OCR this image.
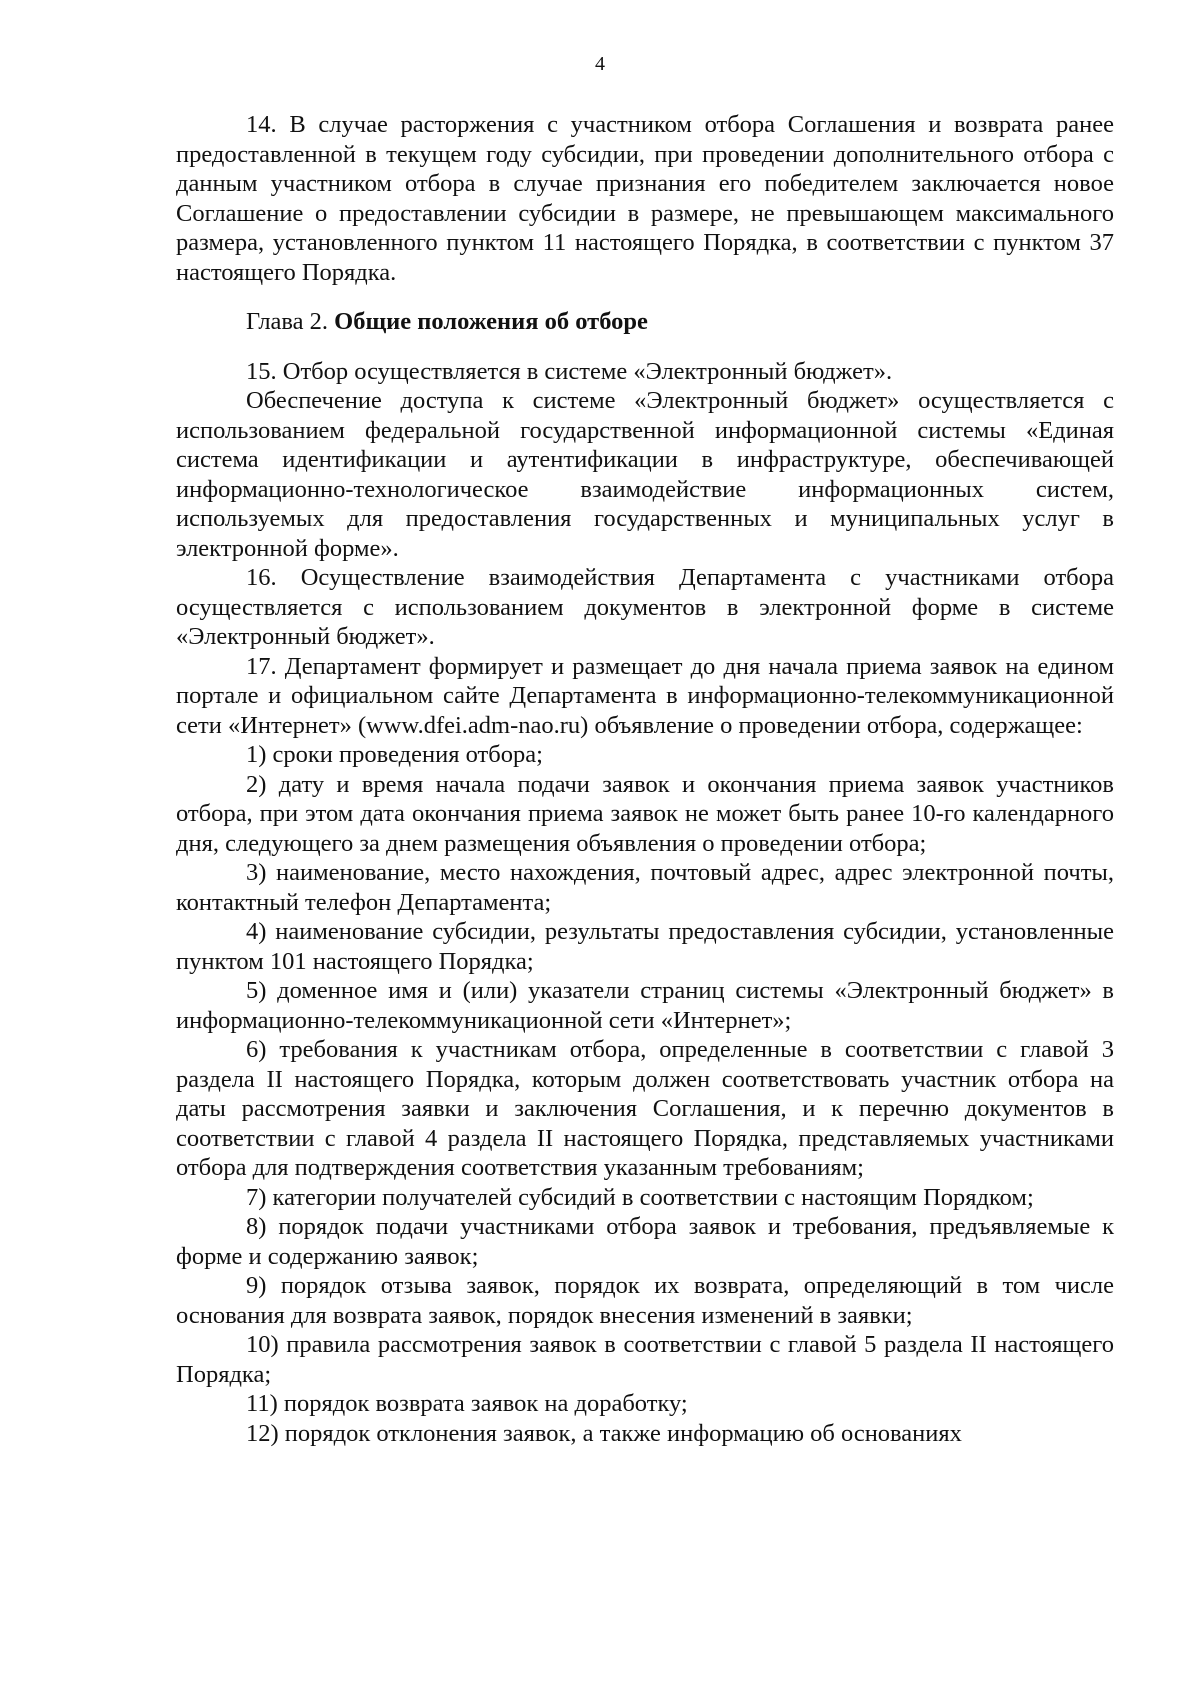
4

14. В случае расторжения с участником отбора Соглашения и возврата ранее предоставленной в текущем году субсидии, при проведении дополнительного отбора с данным участником отбора в случае признания его победителем заключается новое Соглашение о предоставлении субсидии в размере, не превышающем максимального размера, установленного пунктом 11 настоящего Порядка, в соответствии с пунктом 37 настоящего Порядка.

Глава 2. Общие положения об отборе

15. Отбор осуществляется в системе «Электронный бюджет».

Обеспечение доступа к системе «Электронный бюджет» осуществляется с использованием федеральной государственной информационной системы «Единая система идентификации и аутентификации в инфраструктуре, обеспечивающей информационно-технологическое взаимодействие информационных систем, используемых для предоставления государственных и муниципальных услуг в электронной форме».

16. Осуществление взаимодействия Департамента с участниками отбора осуществляется с использованием документов в электронной форме в системе «Электронный бюджет».

17. Департамент формирует и размещает до дня начала приема заявок на едином портале и официальном сайте Департамента в информационно-телекоммуникационной сети «Интернет» (www.dfei.adm-nao.ru) объявление о проведении отбора, содержащее:

1) сроки проведения отбора;

2) дату и время начала подачи заявок и окончания приема заявок участников отбора, при этом дата окончания приема заявок не может быть ранее 10-го календарного дня, следующего за днем размещения объявления о проведении отбора;

3) наименование, место нахождения, почтовый адрес, адрес электронной почты, контактный телефон Департамента;

4) наименование субсидии, результаты предоставления субсидии, установленные пунктом 101 настоящего Порядка;

5) доменное имя и (или) указатели страниц системы «Электронный бюджет» в информационно-телекоммуникационной сети «Интернет»;

6) требования к участникам отбора, определенные в соответствии с главой 3 раздела II настоящего Порядка, которым должен соответствовать участник отбора на даты рассмотрения заявки и заключения Соглашения, и к перечню документов в соответствии с главой 4 раздела II настоящего Порядка, представляемых участниками отбора для подтверждения соответствия указанным требованиям;

7) категории получателей субсидий в соответствии с настоящим Порядком;

8) порядок подачи участниками отбора заявок и требования, предъявляемые к форме и содержанию заявок;

9) порядок отзыва заявок, порядок их возврата, определяющий в том числе основания для возврата заявок, порядок внесения изменений в заявки;

10) правила рассмотрения заявок в соответствии с главой 5 раздела II настоящего Порядка;

11) порядок возврата заявок на доработку;

12) порядок отклонения заявок, а также информацию об основаниях
